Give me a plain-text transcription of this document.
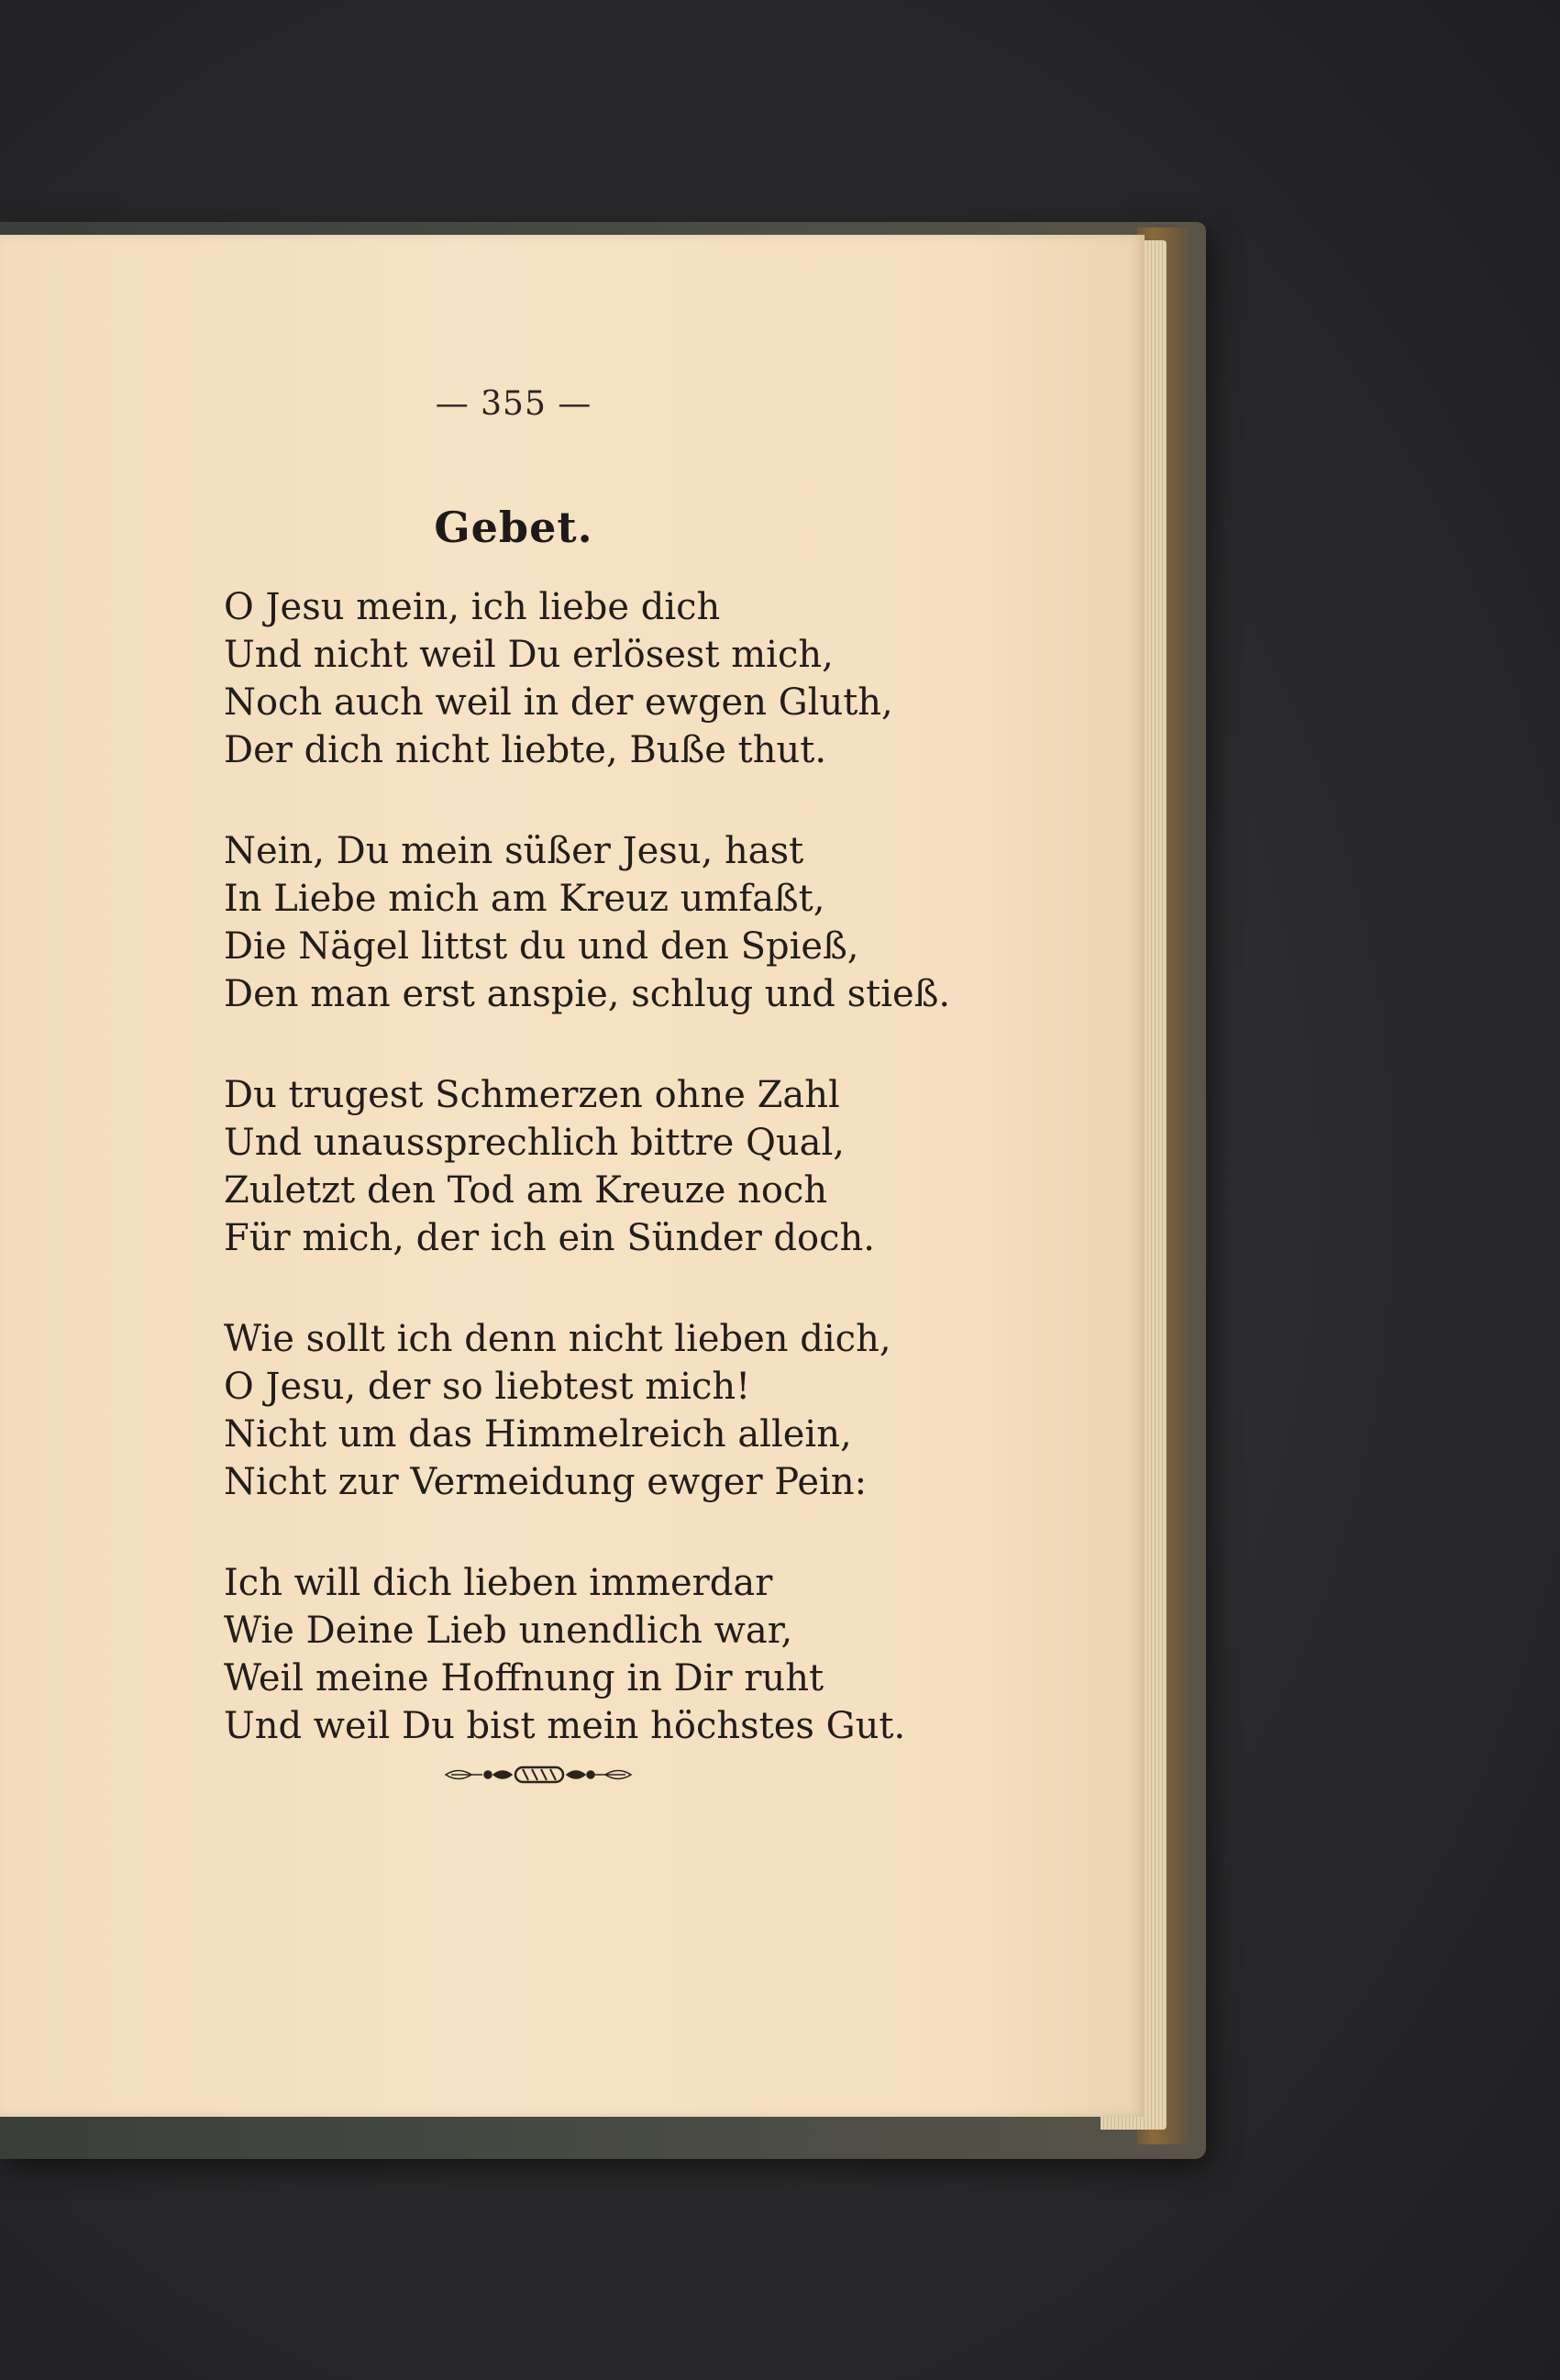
— 355 —
Gebet.
O Jesu mein, ich liebe dich
Und nicht weil Du erlösest mich,
Noch auch weil in der ewgen Gluth,
Der dich nicht liebte, Buße thut.
Nein, Du mein süßer Jesu, hast
In Liebe mich am Kreuz umfaßt,
Die Nägel littst du und den Spieß,
Den man erst anspie, schlug und stieß.
Du trugest Schmerzen ohne Zahl
Und unaussprechlich bittre Qual,
Zuletzt den Tod am Kreuze noch
Für mich, der ich ein Sünder doch.
Wie sollt ich denn nicht lieben dich,
O Jesu, der so liebtest mich!
Nicht um das Himmelreich allein,
Nicht zur Vermeidung ewger Pein:
Ich will dich lieben immerdar
Wie Deine Lieb unendlich war,
Weil meine Hoffnung in Dir ruht
Und weil Du bist mein höchstes Gut.
